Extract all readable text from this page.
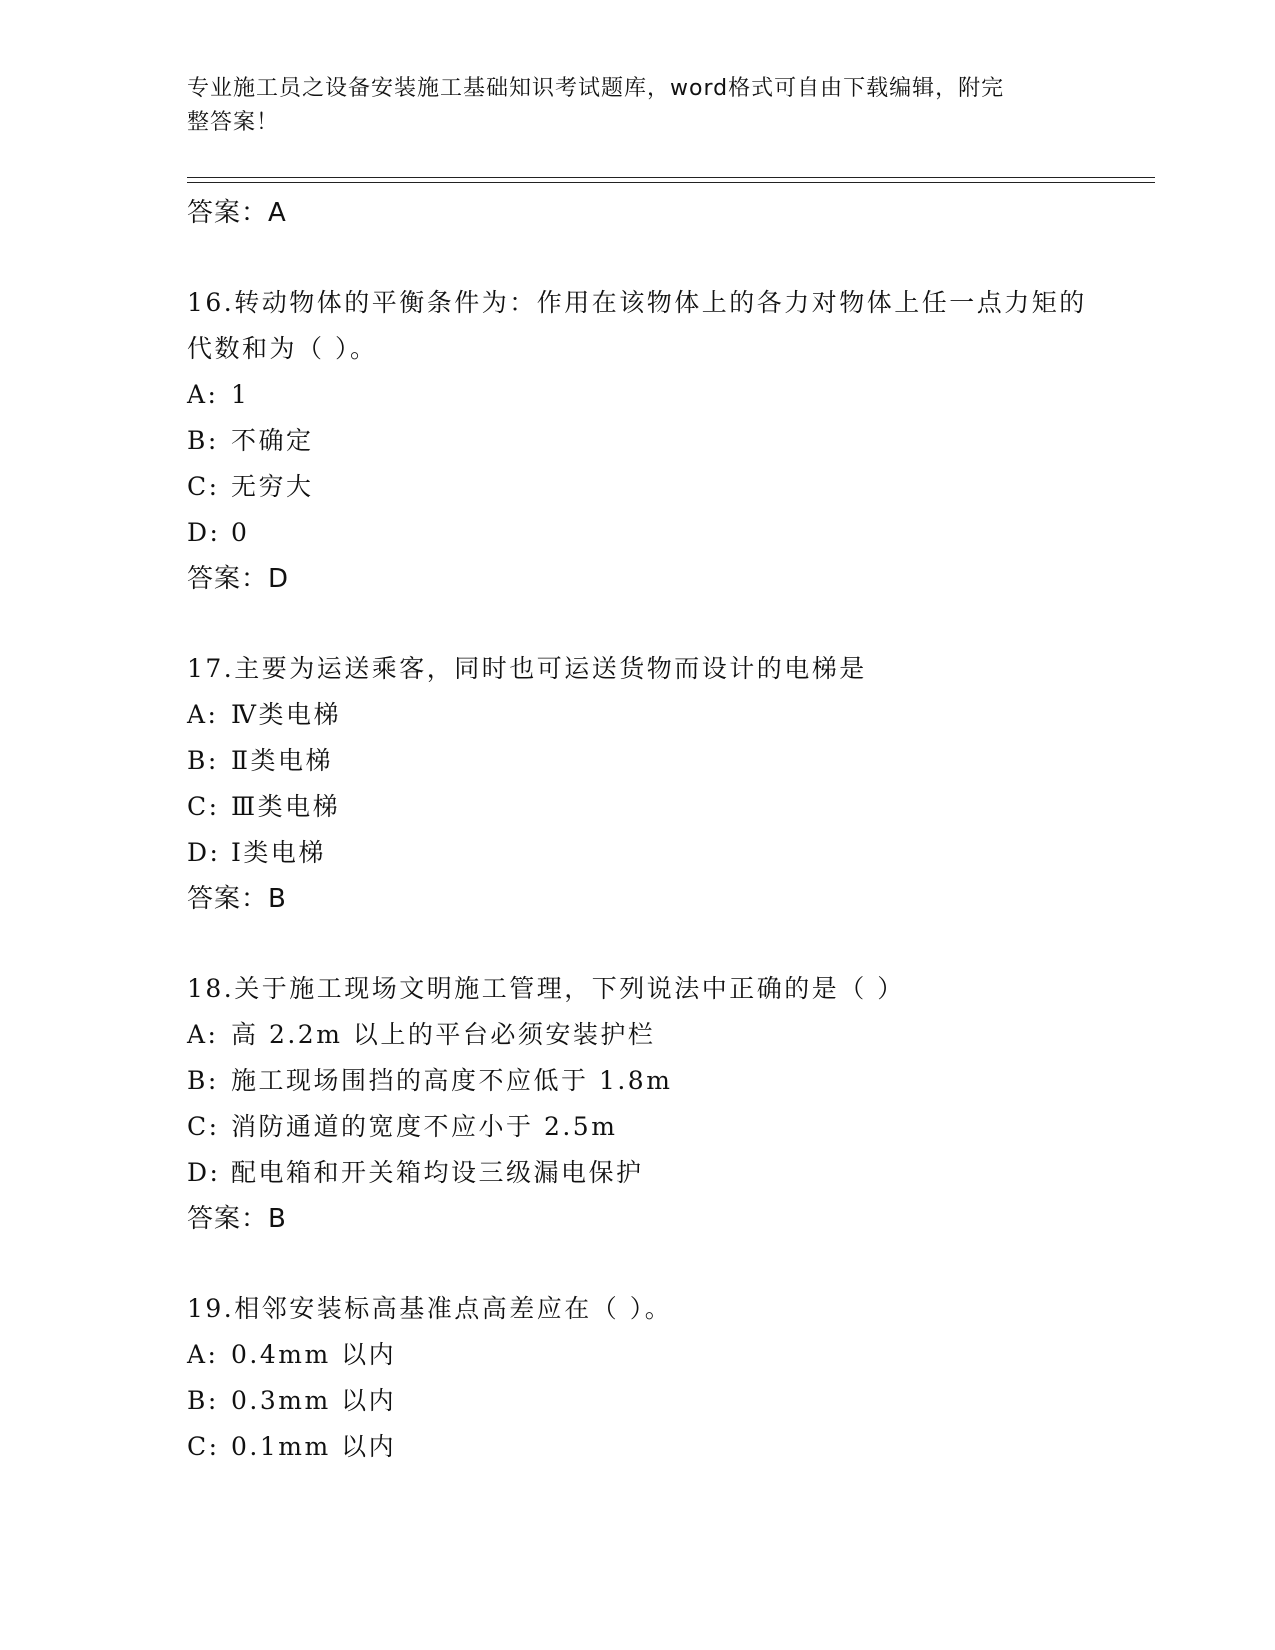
专业施工员之设备安装施工基础知识考试题库，word格式可自由下载编辑，附完
整答案！
答案：A
16.转动物体的平衡条件为：作用在该物体上的各力对物体上任一点力矩的代数和为（ ）。
A: 1
B: 不确定
C: 无穷大
D: 0
答案：D
17.主要为运送乘客，同时也可运送货物而设计的电梯是
A: Ⅳ类电梯
B: Ⅱ类电梯
C: Ⅲ类电梯
D: Ⅰ类电梯
答案：B
18.关于施工现场文明施工管理，下列说法中正确的是（ ）
A: 高 2.2m 以上的平台必须安装护栏
B: 施工现场围挡的高度不应低于 1.8m
C: 消防通道的宽度不应小于 2.5m
D: 配电箱和开关箱均设三级漏电保护
答案：B
19.相邻安装标高基准点高差应在（ ）。
A: 0.4mm 以内
B: 0.3mm 以内
C: 0.1mm 以内
